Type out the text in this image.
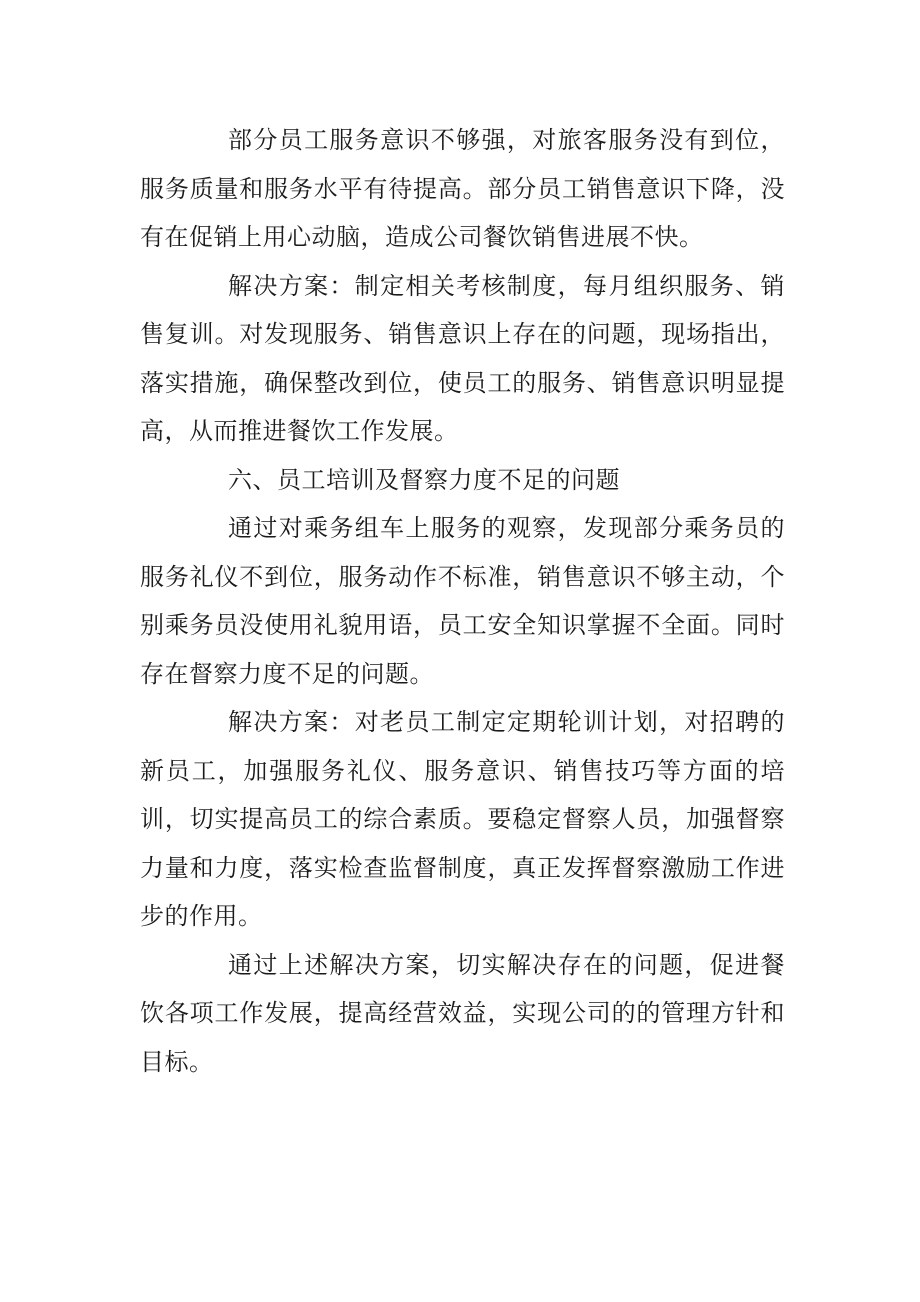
部分员工服务意识不够强，对旅客服务没有到位，服务质量和服务水平有待提高。部分员工销售意识下降，没有在促销上用心动脑，造成公司餐饮销售进展不快。

解决方案：制定相关考核制度，每月组织服务、销售复训。对发现服务、销售意识上存在的问题，现场指出，落实措施，确保整改到位，使员工的服务、销售意识明显提高，从而推进餐饮工作发展。

六、员工培训及督察力度不足的问题

通过对乘务组车上服务的观察，发现部分乘务员的服务礼仪不到位，服务动作不标准，销售意识不够主动，个别乘务员没使用礼貌用语，员工安全知识掌握不全面。同时存在督察力度不足的问题。

解决方案：对老员工制定定期轮训计划，对招聘的新员工，加强服务礼仪、服务意识、销售技巧等方面的培训，切实提高员工的综合素质。要稳定督察人员，加强督察力量和力度，落实检查监督制度，真正发挥督察激励工作进步的作用。

通过上述解决方案，切实解决存在的问题，促进餐饮各项工作发展，提高经营效益，实现公司的的管理方针和目标。
